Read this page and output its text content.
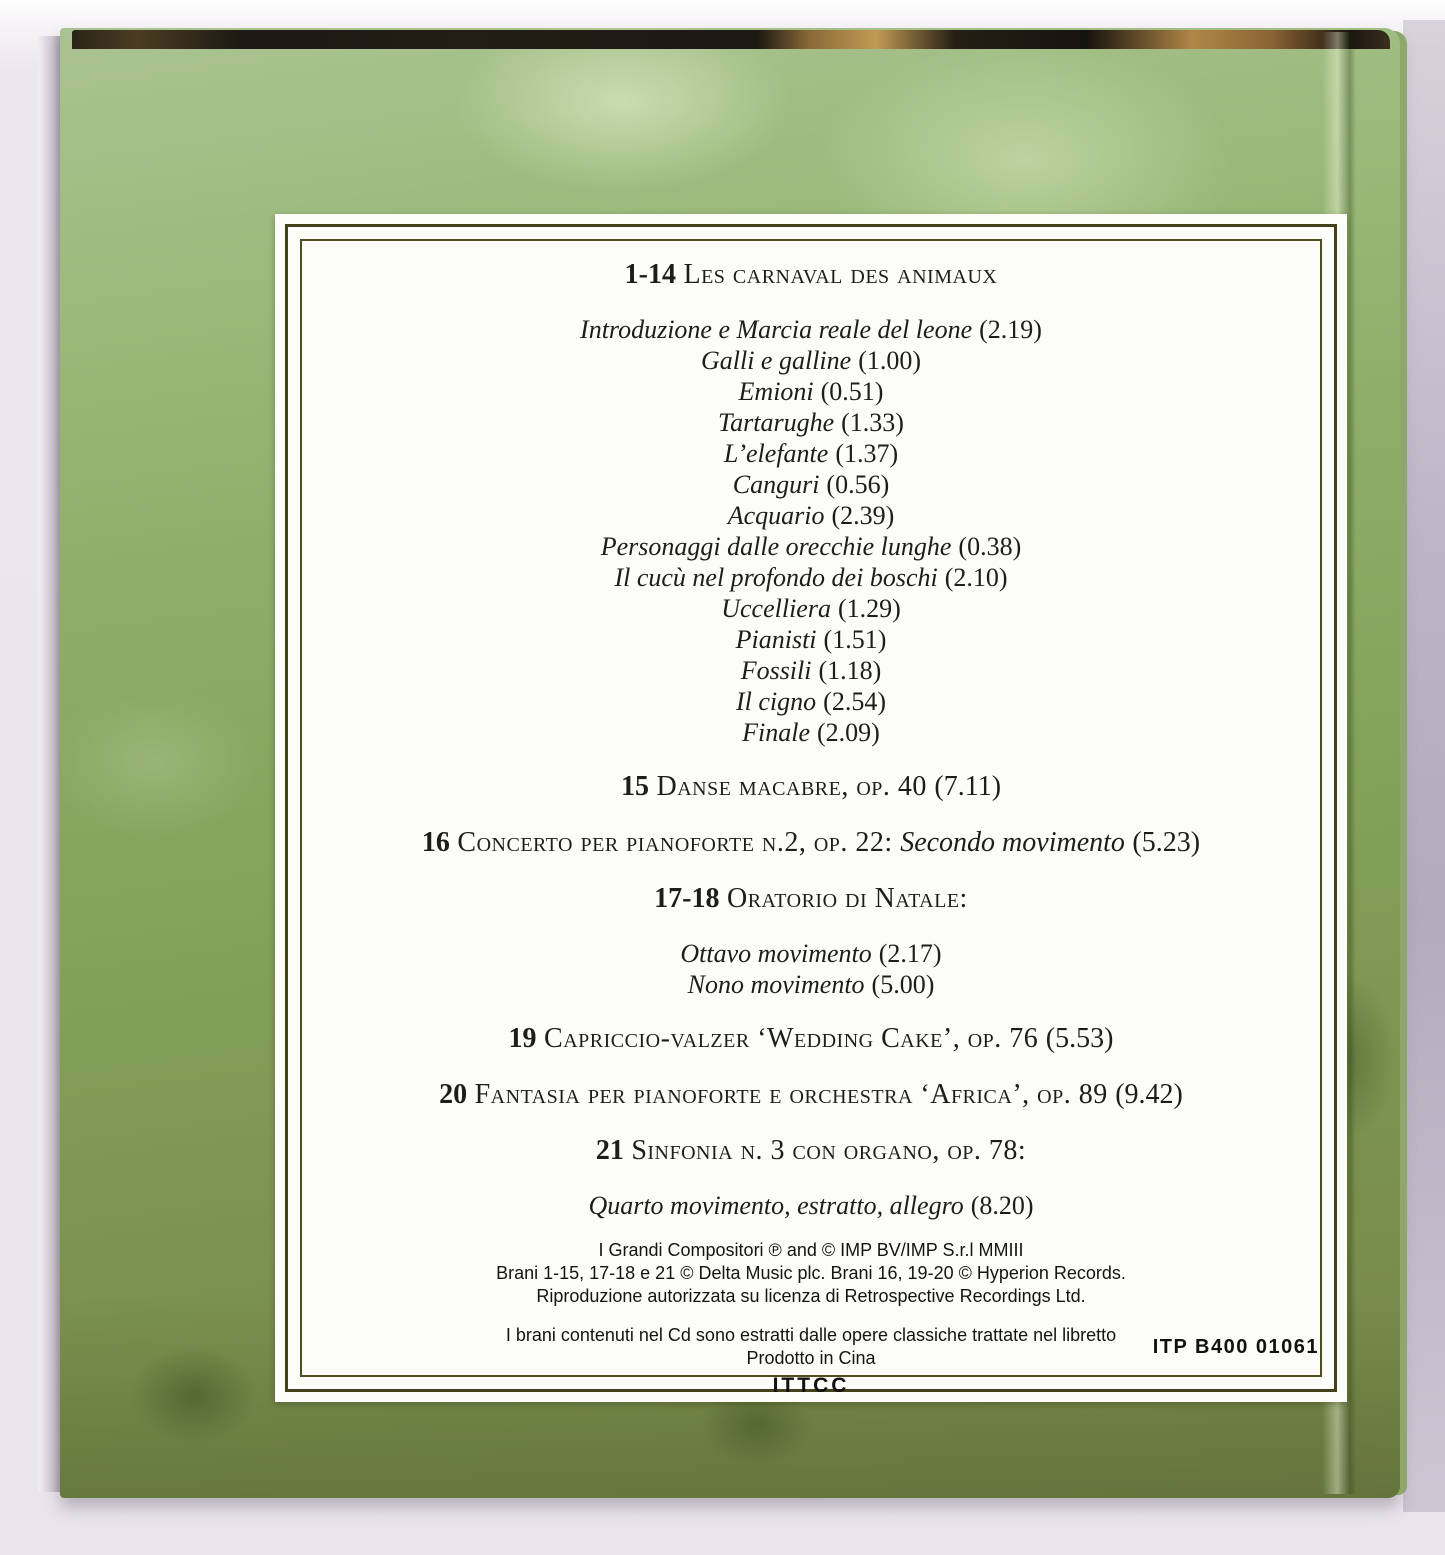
1-14 Les carnaval des animaux
Introduzione e Marcia reale del leone (2.19)
Galli e galline (1.00)
Emioni (0.51)
Tartarughe (1.33)
L’elefante (1.37)
Canguri (0.56)
Acquario (2.39)
Personaggi dalle orecchie lunghe (0.38)
Il cucù nel profondo dei boschi (2.10)
Uccelliera (1.29)
Pianisti (1.51)
Fossili (1.18)
Il cigno (2.54)
Finale (2.09)
15 Danse macabre, op. 40 (7.11)
16 Concerto per pianoforte n.2, op. 22: Secondo movimento (5.23)
17-18 Oratorio di Natale:
Ottavo movimento (2.17)
Nono movimento (5.00)
19 Capriccio-valzer ‘Wedding Cake’, op. 76 (5.53)
20 Fantasia per pianoforte e orchestra ‘Africa’, op. 89 (9.42)
21 Sinfonia n. 3 con organo, op. 78:
Quarto movimento, estratto, allegro (8.20)
I Grandi Compositori ℗ and © IMP BV/IMP S.r.l MMIII
Brani 1-15, 17-18 e 21 © Delta Music plc. Brani 16, 19-20 © Hyperion Records.
Riproduzione autorizzata su licenza di Retrospective Recordings Ltd.
I brani contenuti nel Cd sono estratti dalle opere classiche trattate nel libretto
Prodotto in Cina
ITTCC
ITP B400 01061
